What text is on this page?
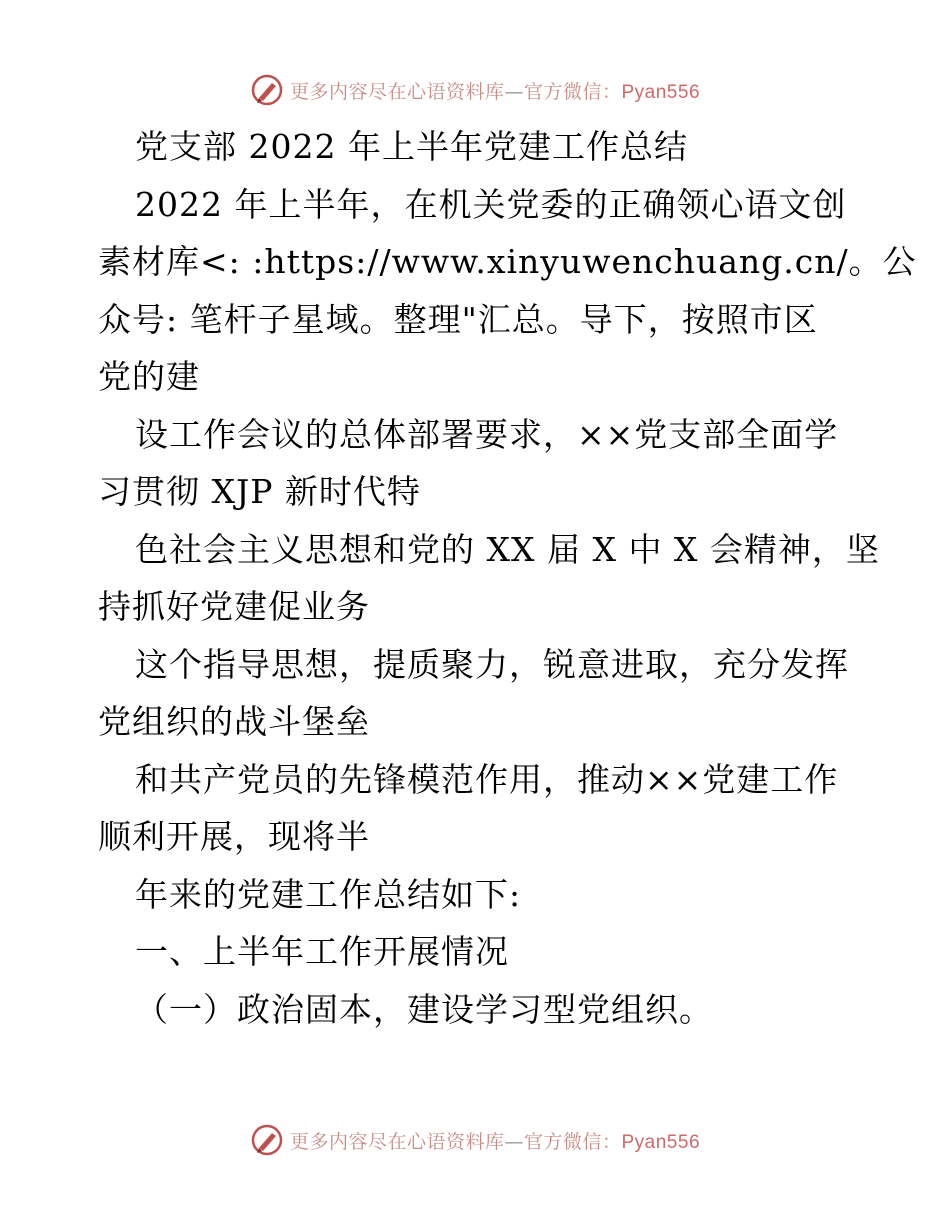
更多内容尽在心语资料库—官方微信：Pyan556
党支部 2022 年上半年党建工作总结
2022 年上半年，在机关党委的正确领心语文创
素材库<: :https://www.xinyuwenchuang.cn/。公
众号: 笔杆子星域。整理"汇总。导下，按照市区
党的建
设工作会议的总体部署要求，××党支部全面学
习贯彻 XJP 新时代特
色社会主义思想和党的 XX 届 X 中 X 会精神，坚
持抓好党建促业务
这个指导思想，提质聚力，锐意进取，充分发挥
党组织的战斗堡垒
和共产党员的先锋模范作用，推动××党建工作
顺利开展，现将半
年来的党建工作总结如下:
一、上半年工作开展情况
（一）政治固本，建设学习型党组织。
更多内容尽在心语资料库—官方微信：Pyan556
